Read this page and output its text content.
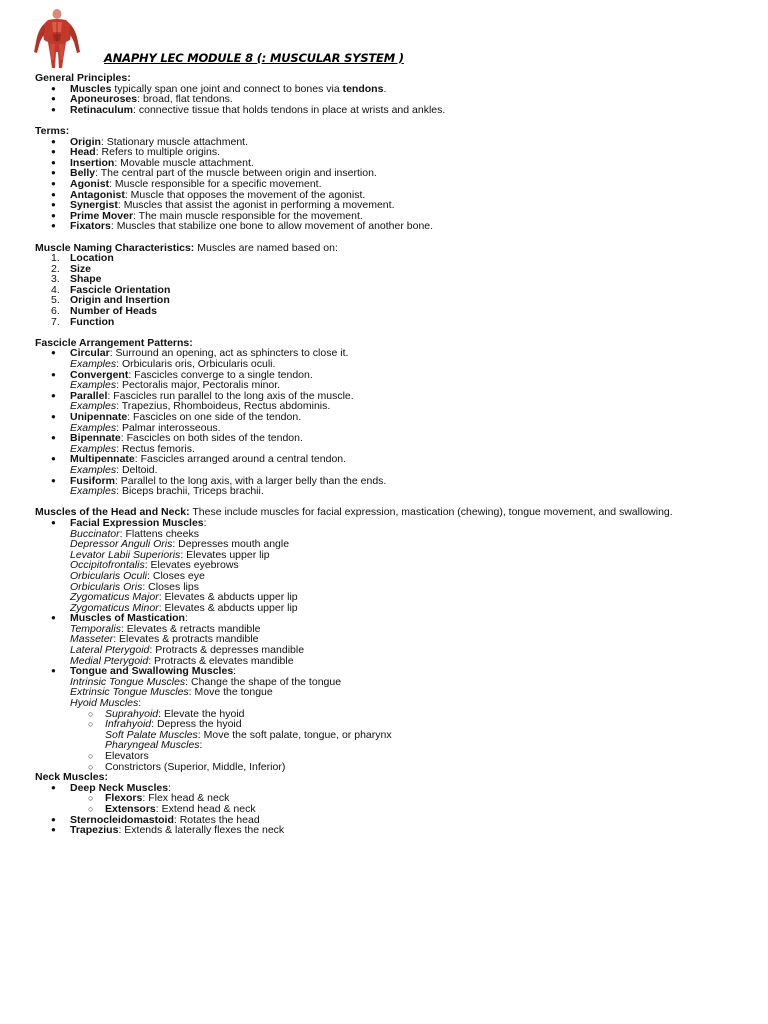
ANAPHY LEC MODULE 8 (: MUSCULAR SYSTEM )
General Principles:
● Muscles typically span one joint and connect to bones via tendons.
● Aponeuroses: broad, flat tendons.
● Retinaculum: connective tissue that holds tendons in place at wrists and ankles.
Terms:
● Origin: Stationary muscle attachment.
● Head: Refers to multiple origins.
● Insertion: Movable muscle attachment.
● Belly: The central part of the muscle between origin and insertion.
● Agonist: Muscle responsible for a specific movement.
● Antagonist: Muscle that opposes the movement of the agonist.
● Synergist: Muscles that assist the agonist in performing a movement.
● Prime Mover: The main muscle responsible for the movement.
● Fixators: Muscles that stabilize one bone to allow movement of another bone.
Muscle Naming Characteristics: Muscles are named based on:
1. Location
2. Size
3. Shape
4. Fascicle Orientation
5. Origin and Insertion
6. Number of Heads
7. Function
Fascicle Arrangement Patterns:
● Circular: Surround an opening, act as sphincters to close it.
Examples: Orbicularis oris, Orbicularis oculi.
● Convergent: Fascicles converge to a single tendon.
Examples: Pectoralis major, Pectoralis minor.
● Parallel: Fascicles run parallel to the long axis of the muscle.
Examples: Trapezius, Rhomboideus, Rectus abdominis.
● Unipennate: Fascicles on one side of the tendon.
Examples: Palmar interosseous.
● Bipennate: Fascicles on both sides of the tendon.
Examples: Rectus femoris.
● Multipennate: Fascicles arranged around a central tendon.
Examples: Deltoid.
● Fusiform: Parallel to the long axis, with a larger belly than the ends.
Examples: Biceps brachii, Triceps brachii.
Muscles of the Head and Neck: These include muscles for facial expression, mastication (chewing), tongue movement, and swallowing.
● Facial Expression Muscles:
Buccinator: Flattens cheeks
Depressor Anguli Oris: Depresses mouth angle
Levator Labii Superioris: Elevates upper lip
Occipitofrontalis: Elevates eyebrows
Orbicularis Oculi: Closes eye
Orbicularis Oris: Closes lips
Zygomaticus Major: Elevates & abducts upper lip
Zygomaticus Minor: Elevates & abducts upper lip
● Muscles of Mastication:
Temporalis: Elevates & retracts mandible
Masseter: Elevates & protracts mandible
Lateral Pterygoid: Protracts & depresses mandible
Medial Pterygoid: Protracts & elevates mandible
● Tongue and Swallowing Muscles:
Intrinsic Tongue Muscles: Change the shape of the tongue
Extrinsic Tongue Muscles: Move the tongue
Hyoid Muscles:
○ Suprahyoid: Elevate the hyoid
○ Infrahyoid: Depress the hyoid
Soft Palate Muscles: Move the soft palate, tongue, or pharynx
Pharyngeal Muscles:
○ Elevators
○ Constrictors (Superior, Middle, Inferior)
Neck Muscles:
● Deep Neck Muscles:
○ Flexors: Flex head & neck
○ Extensors: Extend head & neck
● Sternocleidomastoid: Rotates the head
● Trapezius: Extends & laterally flexes the neck
